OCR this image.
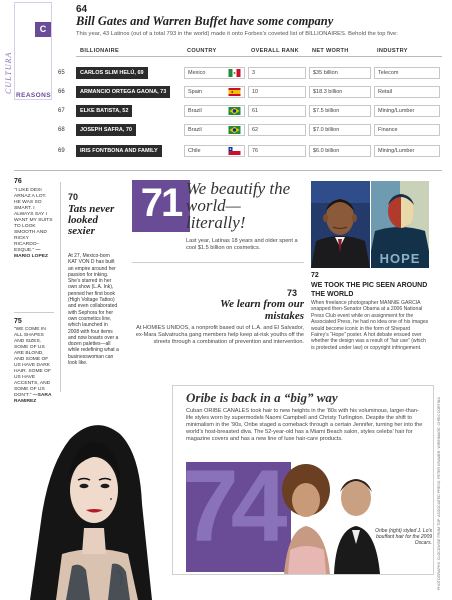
C
CULTURA
REASONS
64
Bill Gates and Warren Buffet have some company
This year, 43 Latinos (out of a total 793 in the world) made it onto Forbes's coveted list of BILLIONAIRES. Behold the top five:
BILLIONAIRE	COUNTRY	OVERALL RANK NET WORTH	INDUSTRY
65	CARLOS SLIM HELÚ, 69	Mexico	3	$35 billion	Telecom
66	ARMANCIO ORTEGA GAONA, 73	Spain	10	$18.3 billion	Retail
67	ELKE BATISTA, 52	Brazil	61	$7.5 billion	Mining/Lumber
68	JOSEPH SAFRA, 70	Brazil	62	$7.0 billion	Finance
69	IRIS FONTBONA AND FAMILY	Chile	76	$6.0 billion	Mining/Lumber
76
“I LIKE DESI ARNAZ A LOT. HE WAS SO SMART. I ALWAYS SAY I WANT MY SUITS TO LOOK SMOOTH AND RICKY RICARDO–ESQUE.” —MARIO LOPEZ
75
“WE COME IN ALL SHAPES AND SIZES. SOME OF US ARE BLOND, AND SOME OF US HAVE DARK HAIR. SOME OF US HAVE ACCENTS, AND SOME OF US DON’T.” —SARA RAMIREZ
70
Tats never looked sexier
At 27, Mexico-born KAT VON D has built an empire around her passion for inking. She’s starred in her own show (L.A. Ink), penned her first book (High Voltage Tattoo) and even collaborated with Sephora for her own cosmetics line, which launched in 2008 with four items and now boasts over a dozen palettes—all while redefining what a businesswoman can look like.
71 We beautify the world—literally!
Last year, Latinas 18 years and older spent a cool $1.5 billion on cosmetics.
73
We learn from our mistakes
At HOMIES UNIDOS, a nonprofit based out of L.A. and El Salvador, ex-Mara Salvatrucha gang members help keep at-risk youths off the streets through a combination of prevention and intervention.
HOPE
72
WE TOOK THE PIC SEEN AROUND THE WORLD
When freelance photographer MANNIE GARCIA snapped then-Senator Obama at a 2006 National Press Club event while on assignment for the Associated Press, he had no idea one of his images would become iconic in the form of Shepard Fairey’s “Hope” poster. A hot debate ensued over whether the design was a result of “fair use” (which is protected under law) or copyright infringement.
Oribe is back in a “big” way
Cuban ORIBE CANALES took hair to new heights in the ’80s with his voluminous, larger-than-life styles worn by supermodels Naomi Campbell and Christy Turlington. Despite the shift to minimalism in the ’90s, Oribe staged a comeback through a certain Jennifer, turning her into the world’s host-breasted diva. The 52-year-old has a Miami Beach salon, styles celebs’ hair for magazine covers and has a new line of luxe hair-care products.
74	Oribe (right) styled J. Lo’s bouffant hair for the 2009 Oscars. PHOTOGRAPHS: CLOCKWISE FROM TOP: ASSOCIATED PRESS; PETER KRAMER; WIREIMAGE; CHRIS CORTINA
